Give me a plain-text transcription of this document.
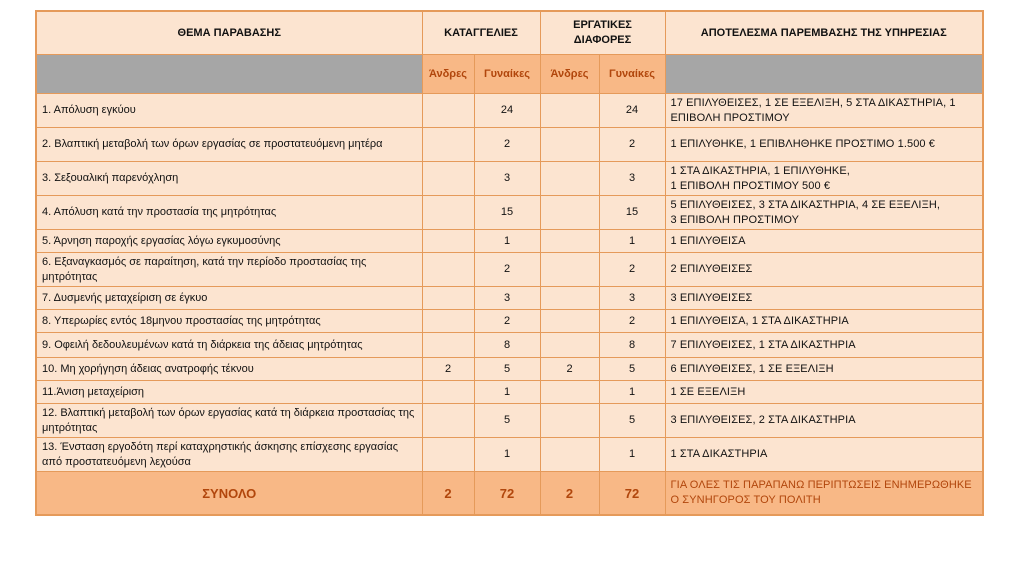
ΘΕΜΑ ΠΑΡΑΒΑΣΗΣ	ΚΑΤΑΓΓΕΛΙΕΣ		ΕΡΓΑΤΙΚΕΣ ΔΙΑΦΟΡΕΣ		ΑΠΟΤΕΛΕΣΜΑ ΠΑΡΕΜΒΑΣΗΣ ΤΗΣ ΥΠΗΡΕΣΙΑΣ
	Άνδρες	Γυναίκες	Άνδρες	Γυναίκες	
1. Απόλυση εγκύου		24		24	17 ΕΠΙΛΥΘΕΙΣΕΣ, 1 ΣΕ ΕΞΕΛΙΞΗ, 5 ΣΤΑ ΔΙΚΑΣΤΗΡΙΑ, 1 ΕΠΙΒΟΛΗ ΠΡΟΣΤΙΜΟΥ
2. Βλαπτική μεταβολή των όρων εργασίας σε προστατευόμενη μητέρα		2		2	1 ΕΠΙΛΥΘΗΚΕ, 1 ΕΠΙΒΛΗΘΗΚΕ ΠΡΟΣΤΙΜΟ 1.500 €
3. Σεξουαλική παρενόχληση		3		3	1 ΣΤΑ ΔΙΚΑΣΤΗΡΙΑ, 1 ΕΠΙΛΥΘΗΚΕ,
1 ΕΠΙΒΟΛΗ ΠΡΟΣΤΙΜΟΥ 500 €
4. Απόλυση κατά την προστασία της μητρότητας		15		15	5 ΕΠΙΛΥΘΕΙΣΕΣ, 3 ΣΤΑ ΔΙΚΑΣΤΗΡΙΑ, 4 ΣΕ ΕΞΕΛΙΞΗ,
3 ΕΠΙΒΟΛΗ ΠΡΟΣΤΙΜΟΥ
5. Άρνηση παροχής εργασίας λόγω εγκυμοσύνης		1		1	1 ΕΠΙΛΥΘΕΙΣΑ
6. Εξαναγκασμός σε παραίτηση, κατά την περίοδο προστασίας της μητρότητας		2		2	2 ΕΠΙΛΥΘΕΙΣΕΣ
7. Δυσμενής μεταχείριση σε έγκυο		3		3	3 ΕΠΙΛΥΘΕΙΣΕΣ
8. Υπερωρίες εντός 18μηνου προστασίας της μητρότητας		2		2	1 ΕΠΙΛΥΘΕΙΣΑ, 1 ΣΤΑ ΔΙΚΑΣΤΗΡΙΑ
9. Οφειλή δεδουλευμένων κατά τη διάρκεια της άδειας μητρότητας		8		8	7 ΕΠΙΛΥΘΕΙΣΕΣ, 1 ΣΤΑ ΔΙΚΑΣΤΗΡΙΑ
10. Μη χορήγηση άδειας ανατροφής τέκνου	2	5	2	5	6 ΕΠΙΛΥΘΕΙΣΕΣ, 1 ΣΕ ΕΞΕΛΙΞΗ
11.Άνιση μεταχείριση		1		1	1 ΣΕ ΕΞΕΛΙΞΗ
12. Βλαπτική μεταβολή των όρων εργασίας κατά τη διάρκεια προστασίας της μητρότητας		5		5	3 ΕΠΙΛΥΘΕΙΣΕΣ, 2 ΣΤΑ ΔΙΚΑΣΤΗΡΙΑ
13. Ένσταση εργοδότη περί καταχρηστικής άσκησης επίσχεσης εργασίας από προστατευόμενη λεχούσα		1		1	1 ΣΤΑ ΔΙΚΑΣΤΗΡΙΑ
ΣΥΝΟΛΟ	2	72	2	72	ΓΙΑ ΟΛΕΣ ΤΙΣ ΠΑΡΑΠΑΝΩ ΠΕΡΙΠΤΩΣΕΙΣ ΕΝΗΜΕΡΩΘΗΚΕ Ο ΣΥΝΗΓΟΡΟΣ ΤΟΥ ΠΟΛΙΤΗ
